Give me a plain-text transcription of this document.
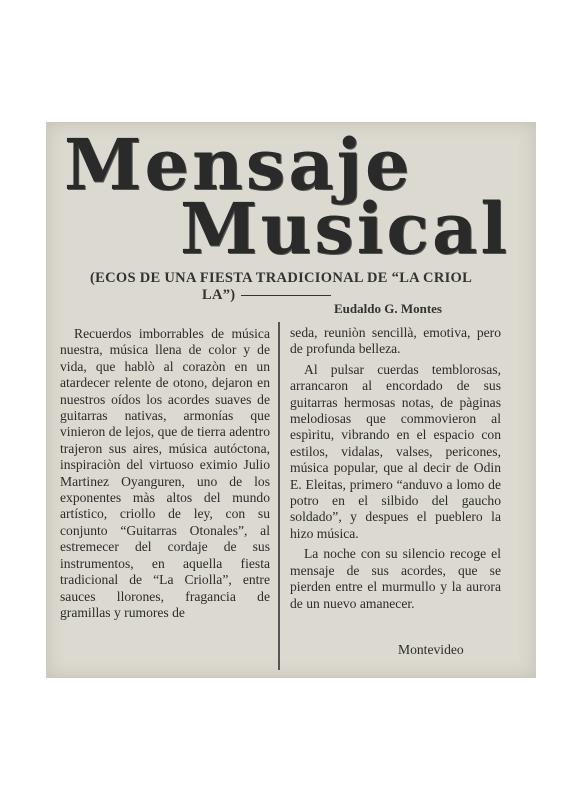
Mensaje
Musical

(ECOS DE UNA FIESTA TRADICIONAL DE “LA CRIOL
LA”)

Eudaldo G. Montes

Recuerdos imborrables de música nuestra, música llena de color y de vida, que hablò al corazòn en un atardecer relente de otono, dejaron en nuestros oídos los acordes suaves de guitarras nativas, armonías que vinieron de lejos, que de tierra adentro trajeron sus aires, música autóctona, inspiraciòn del virtuoso eximio Julio Martinez Oyanguren, uno de los exponentes màs altos del mundo artístico, criollo de ley, con su conjunto “Guitarras Otonales”, al estremecer del cordaje de sus instrumentos, en aquella fiesta tradicional de “La Criolla”, entre sauces llorones, fragancia de gramillas y rumores de

seda, reuniòn sencillà, emotiva, pero de profunda belleza.

Al pulsar cuerdas temblorosas, arrancaron al encordado de sus guitarras hermosas notas, de pàginas melodiosas que commovieron al espìritu, vibrando en el espacio con estilos, vidalas, valses, pericones, música popular, que al decir de Odin E. Eleitas, primero “anduvo a lomo de potro en el silbido del gaucho soldado”, y despues el pueblero la hizo música.

La noche con su silencio recoge el mensaje de sus acordes, que se pierden entre el murmullo y la aurora de un nuevo amanecer.

Montevideo
